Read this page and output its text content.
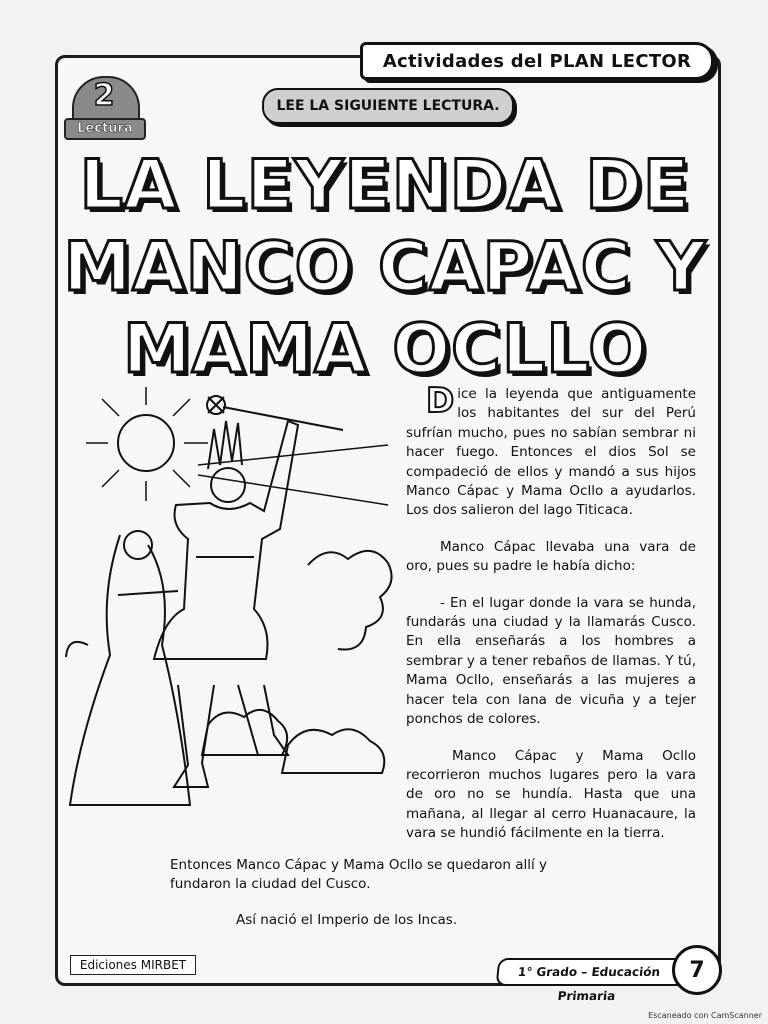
Actividades del PLAN LECTOR
2
Lectura
LEE LA SIGUIENTE LECTURA.
LA LEYENDA DE
MANCO CAPAC Y
MAMA OCLLO

Dice la leyenda que antiguamente los habitantes del sur del Perú sufrían mucho, pues no sabían sembrar ni hacer fuego. Entonces el dios Sol se compadeció de ellos y mandó a sus hijos Manco Cápac y Mama Ocllo a ayudarlos. Los dos salieron del lago Titicaca.

Manco Cápac llevaba una vara de oro, pues su padre le había dicho:

- En el lugar donde la vara se hunda, fundarás una ciudad y la llamarás Cusco. En ella enseñarás a los hombres a sembrar y a tener rebaños de llamas. Y tú, Mama Ocllo, enseñarás a las mujeres a hacer tela con lana de vicuña y a tejer ponchos de colores.

Manco Cápac y Mama Ocllo recorrieron muchos lugares pero la vara de oro no se hundía. Hasta que una mañana, al llegar al cerro Huanacaure, la vara se hundió fácilmente en la tierra.

Entonces Manco Cápac y Mama Ocllo se quedaron allí y fundaron la ciudad del Cusco.
Así nació el Imperio de los Incas.
Ediciones MIRBET	1° Grado – Educación Primaria
7
Escaneado con CamScanner
